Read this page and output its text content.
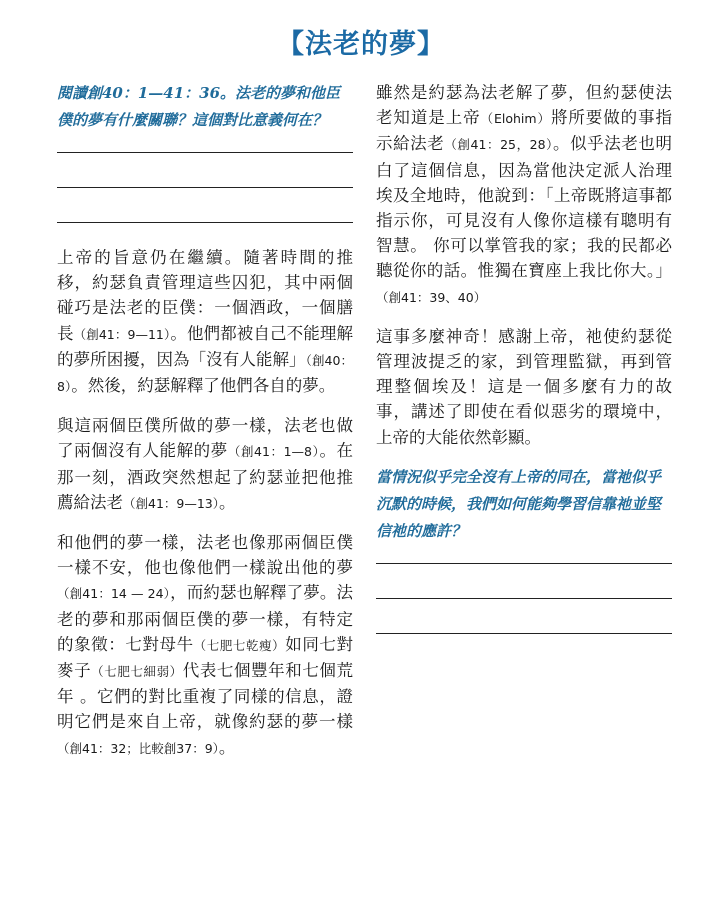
【法老的夢】

閱讀創40：1—41：36。法老的夢和他臣僕的夢有什麼關聯？這個對比意義何在？

上帝的旨意仍在繼續。隨著時間的推移，約瑟負責管理這些囚犯，其中兩個碰巧是法老的臣僕：一個酒政，一個膳長（創41：9—11）。他們都被自己不能理解的夢所困擾，因為「沒有人能解」（創40：8）。然後，約瑟解釋了他們各自的夢。

與這兩個臣僕所做的夢一樣，法老也做了兩個沒有人能解的夢（創41：1—8）。在那一刻，酒政突然想起了約瑟並把他推薦給法老（創41：9—13）。

和他們的夢一樣，法老也像那兩個臣僕一樣不安，他也像他們一樣說出他的夢（創41：14 — 24），而約瑟也解釋了夢。法老的夢和那兩個臣僕的夢一樣，有特定的象徵：七對母牛（七肥七乾瘦）如同七對麥子（七肥七細弱）代表七個豐年和七個荒年 。它們的對比重複了同樣的信息，證明它們是來自上帝，就像約瑟的夢一樣（創41：32；比較創37：9）。

雖然是約瑟為法老解了夢，但約瑟使法老知道是上帝（Elohim）將所要做的事指示給法老（創41：25，28）。似乎法老也明白了這個信息，因為當他決定派人治理埃及全地時，他說到：「上帝既將這事都指示你，可見沒有人像你這樣有聰明有智慧。 你可以掌管我的家；我的民都必聽從你的話。惟獨在寶座上我比你大。」（創41：39、40）

這事多麼神奇！感謝上帝，祂使約瑟從管理波提乏的家，到管理監獄，再到管理整個埃及！這是一個多麼有力的故事，講述了即使在看似惡劣的環境中，上帝的大能依然彰顯。

當情況似乎完全沒有上帝的同在，當祂似乎沉默的時候，我們如何能夠學習信靠祂並堅信祂的應許？
